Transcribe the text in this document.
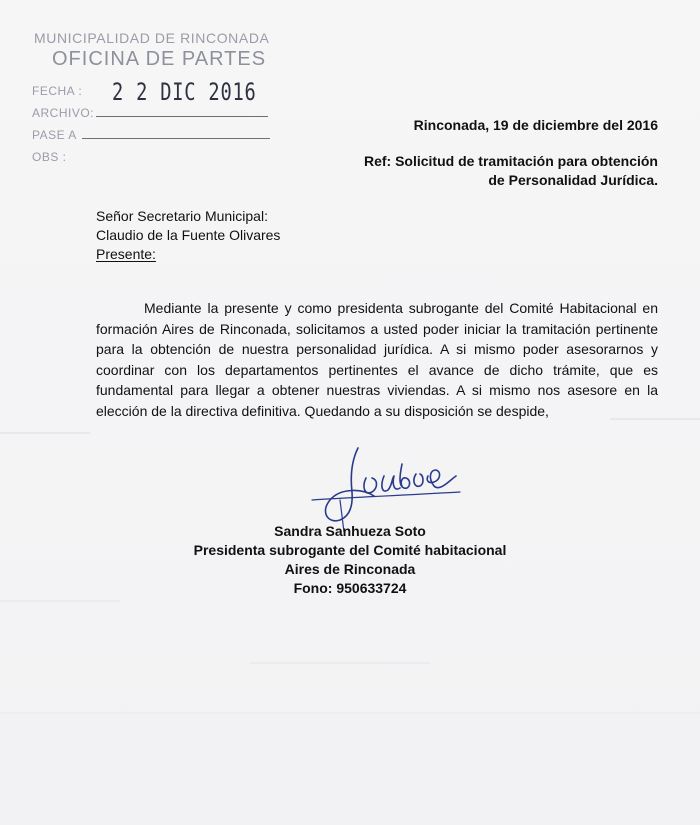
MUNICIPALIDAD DE RINCONADA
OFICINA DE PARTES
FECHA : 2 2 DIC 2016
ARCHIVO:
PASE A
OBS :
Rinconada, 19 de diciembre del 2016
Ref: Solicitud de tramitación para obtención
de Personalidad Jurídica.
Señor Secretario Municipal:
Claudio de la Fuente Olivares
Presente:
Mediante la presente y como presidenta subrogante del Comité Habitacional en formación Aires de Rinconada, solicitamos a usted poder iniciar la tramitación pertinente para la obtención de nuestra personalidad jurídica. A si mismo poder asesorarnos y coordinar con los departamentos pertinentes el avance de dicho trámite, que es fundamental para llegar a obtener nuestras viviendas. A si mismo nos asesore en la elección de la directiva definitiva. Quedando a su disposición se despide,
Sandra Sanhueza Soto
Presidenta subrogante del Comité habitacional
Aires de Rinconada
Fono: 950633724
